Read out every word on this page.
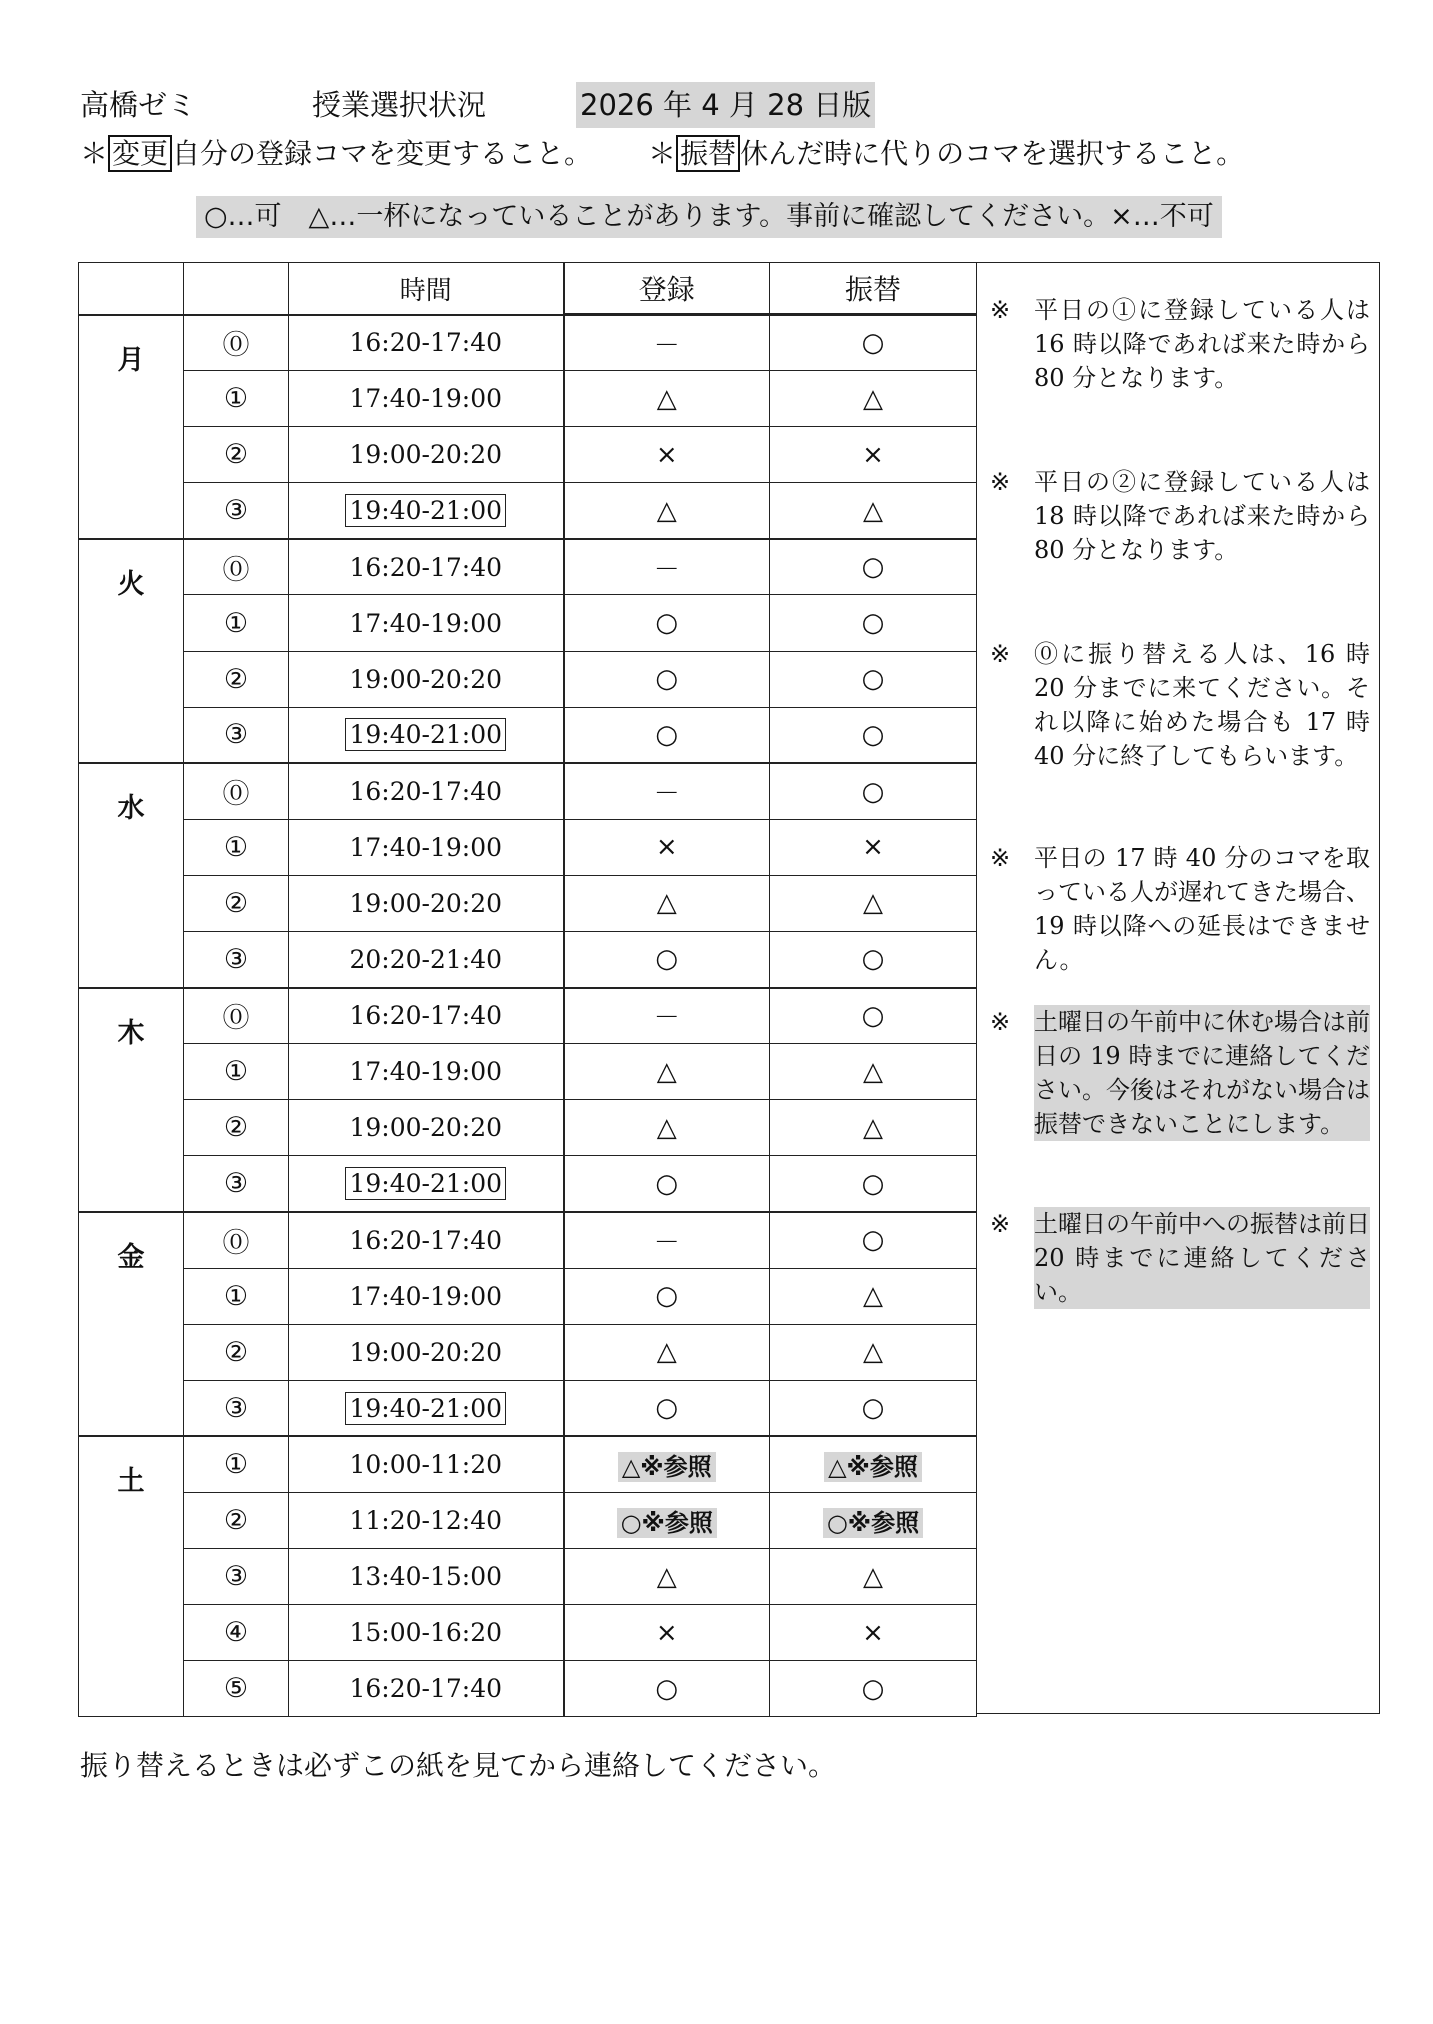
高橋ゼミ	授業選択状況	2026 年 4 月 28 日版
＊ 変更 自分の登録コマを変更すること。 ＊ 振替 休んだ時に代りのコマを選択すること。
○…可　△…一杯になっていることがあります。事前に確認してください。×…不可
		時間	登録	振替
月	⓪	16:20-17:40	－	○
	①	17:40-19:00	△	△
	②	19:00-20:20	×	×
	③	19:40-21:00	△	△
火	⓪	16:20-17:40	－	○
	①	17:40-19:00	○	○
	②	19:00-20:20	○	○
	③	19:40-21:00	○	○
水	⓪	16:20-17:40	－	○
	①	17:40-19:00	×	×
	②	19:00-20:20	△	△
	③	20:20-21:40	○	○
木	⓪	16:20-17:40	－	○
	①	17:40-19:00	△	△
	②	19:00-20:20	△	△
	③	19:40-21:00	○	○
金	⓪	16:20-17:40	－	○
	①	17:40-19:00	○	△
	②	19:00-20:20	△	△
	③	19:40-21:00	○	○
土	①	10:00-11:20	△※参照	△※参照
	②	11:20-12:40	○※参照	○※参照
	③	13:40-15:00	△	△
	④	15:00-16:20	×	×
	⑤	16:20-17:40	○	○
※ 平日の①に登録している人は 16 時以降であれば来た時から 80 分となります。
※ 平日の②に登録している人は 18 時以降であれば来た時から 80 分となります。
※ ⓪に振り替える人は、16 時 20 分までに来てください。それ以降に始めた場合も 17 時 40 分に終了してもらいます。
※ 平日の 17 時 40 分のコマを取っている人が遅れてきた場合、19 時以降への延長はできません。
※ 土曜日の午前中に休む場合は前日の 19 時までに連絡してください。今後はそれがない場合は振替できないことにします。
※ 土曜日の午前中への振替は前日 20 時までに連絡してください。
振り替えるときは必ずこの紙を見てから連絡してください。
